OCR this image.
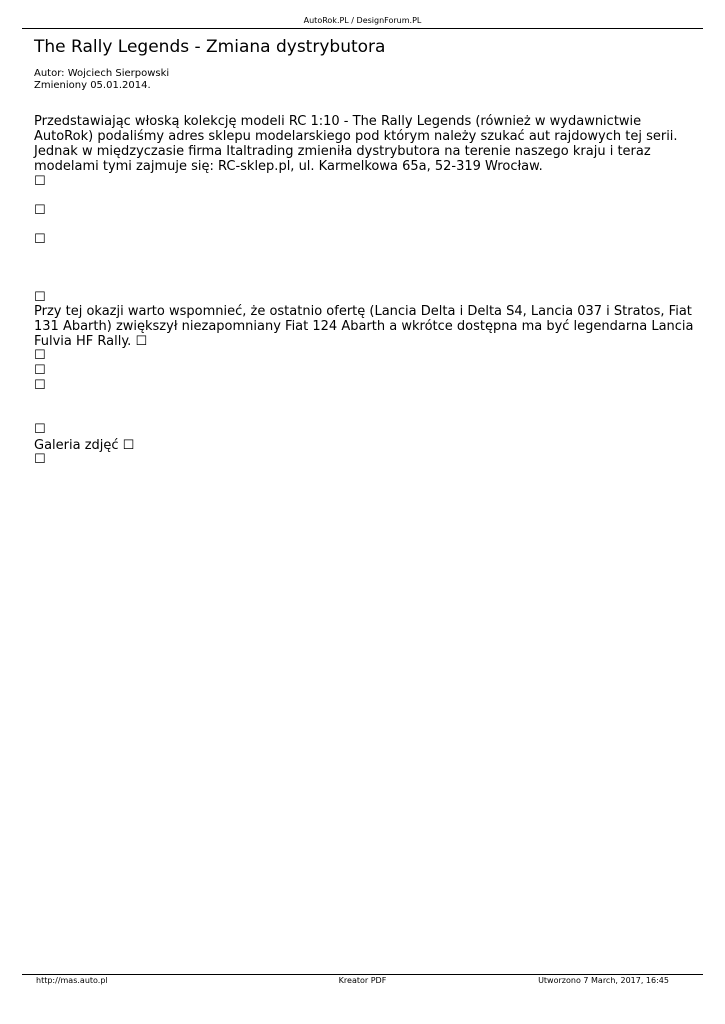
AutoRok.PL / DesignForum.PL
The Rally Legends - Zmiana dystrybutora
Autor: Wojciech Sierpowski
Zmieniony 05.01.2014.

Przedstawiając włoską kolekcję modeli RC 1:10 - The Rally Legends (również w wydawnictwie AutoRok) podaliśmy adres sklepu modelarskiego pod którym należy szukać aut rajdowych tej serii. Jednak w międzyczasie firma Italtrading zmieniła dystrybutora na terenie naszego kraju i teraz modelami tymi zajmuje się: RC-sklep.pl, ul. Karmelkowa 65a, 52-319 Wrocław.

☐
☐
☐
☐

Przy tej okazji warto wspomnieć, że ostatnio ofertę (Lancia Delta i Delta S4, Lancia 037 i Stratos, Fiat 131 Abarth) zwiększył niezapomniany Fiat 124 Abarth a wkrótce dostępna ma być legendarna Lancia Fulvia HF Rally. ☐

☐
☐
☐
☐
Galeria zdjęć ☐
☐
http://mas.auto.pl	Kreator PDF	Utworzono 7 March, 2017, 16:45
